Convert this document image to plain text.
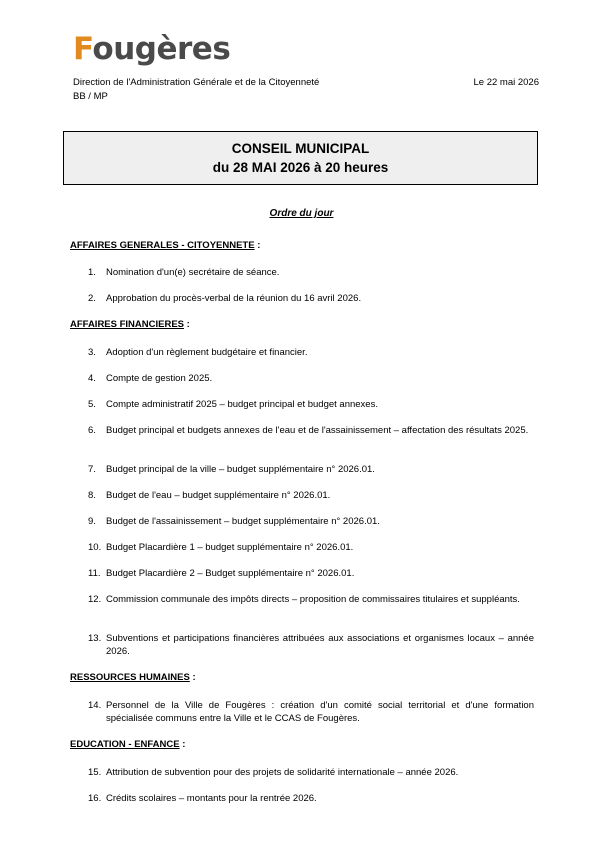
Fougères
Direction de l'Administration Générale et de la Citoyenneté
BB / MP
Le 22 mai 2026
CONSEIL MUNICIPAL
du 28 MAI 2026 à 20 heures
Ordre du jour
AFFAIRES GENERALES - CITOYENNETE :
1.	Nomination d'un(e) secrétaire de séance.
2.	Approbation du procès-verbal de la réunion du 16 avril 2026.
AFFAIRES FINANCIERES :
3.	Adoption d'un règlement budgétaire et financier.
4.	Compte de gestion 2025.
5.	Compte administratif 2025 – budget principal et budget annexes.
6.	Budget principal et budgets annexes de l'eau et de l'assainissement – affectation des résultats 2025.
7.	Budget principal de la ville – budget supplémentaire n° 2026.01.
8.	Budget de l'eau – budget supplémentaire n° 2026.01.
9.	Budget de l'assainissement – budget supplémentaire n° 2026.01.
10. Budget Placardière 1 – budget supplémentaire n° 2026.01.
11. Budget Placardière 2 – Budget supplémentaire n° 2026.01.
12. Commission communale des impôts directs – proposition de commissaires titulaires et suppléants.
13. Subventions et participations financières attribuées aux associations et organismes locaux – année 2026.
RESSOURCES HUMAINES :
14. Personnel de la Ville de Fougères : création d'un comité social territorial et d'une formation spécialisée communs entre la Ville et le CCAS de Fougères.
EDUCATION - ENFANCE :
15. Attribution de subvention pour des projets de solidarité internationale – année 2026.
16. Crédits scolaires – montants pour la rentrée 2026.
